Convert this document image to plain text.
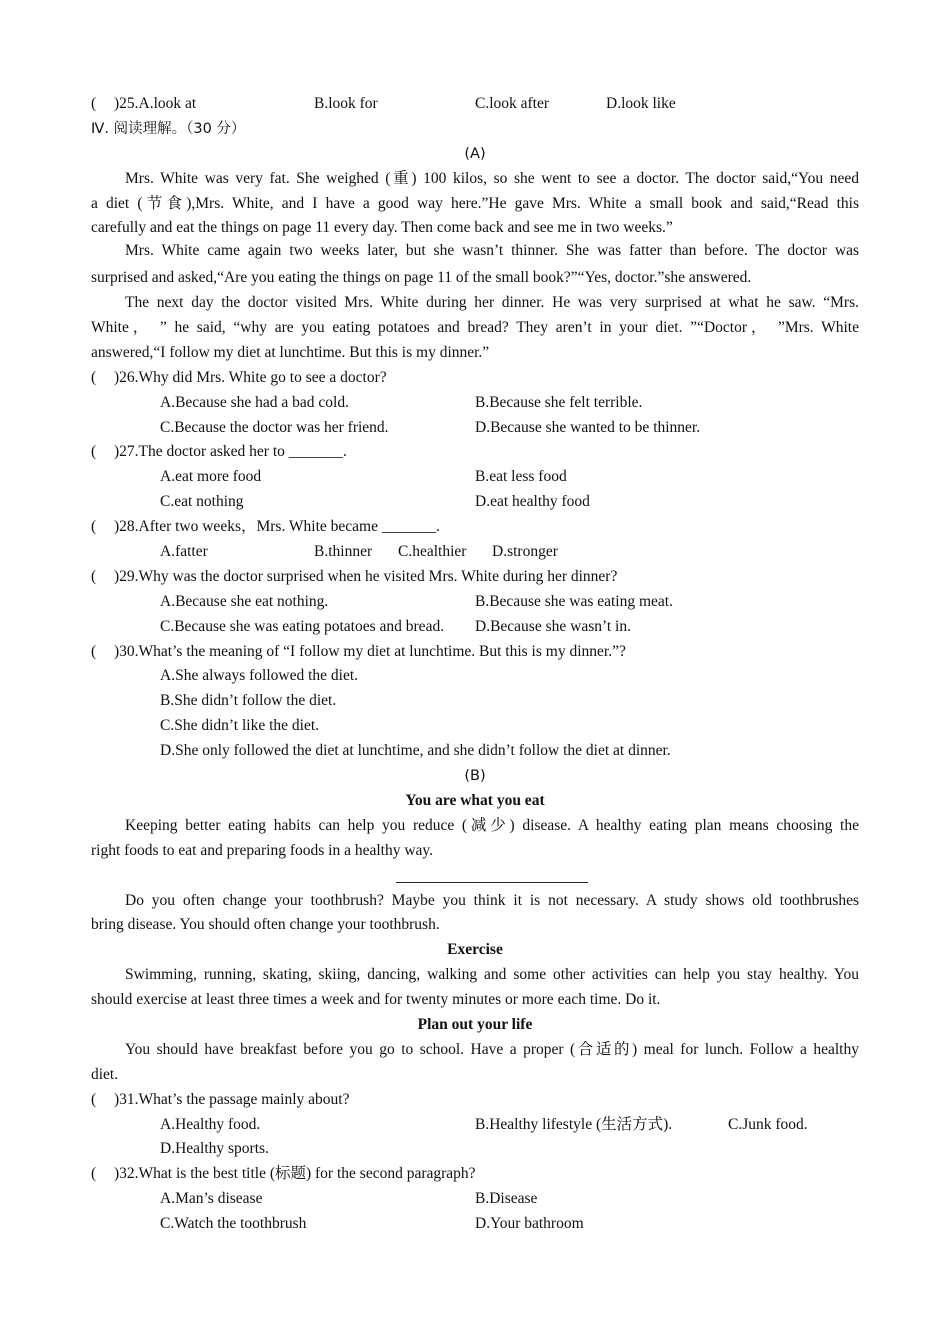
( )25.A.look at	B.look for	C.look after	D.look like
Ⅳ. 阅读理解。（30 分）
(A)
Mrs. White was very fat. She weighed (重) 100 kilos, so she went to see a doctor. The doctor said,“You need
a diet (节食),Mrs. White, and I have a good way here.”He gave Mrs. White a small book and said,“Read this
carefully and eat the things on page 11 every day. Then come back and see me in two weeks.”
Mrs. White came again two weeks later, but she wasn’t thinner. She was fatter than before. The doctor was
surprised and asked,“Are you eating the things on page 11 of the small book?”“Yes, doctor.”she answered.
The next day the doctor visited Mrs. White during her dinner. He was very surprised at what he saw. “Mrs.
White， ” he said, “why are you eating potatoes and bread? They aren’t in your diet. ”“Doctor， ”Mrs. White
answered,“I follow my diet at lunchtime. But this is my dinner.”
( )26.Why did Mrs. White go to see a doctor?
A.Because she had a bad cold.	B.Because she felt terrible.
C.Because the doctor was her friend.	D.Because she wanted to be thinner.
( )27.The doctor asked her to _______.
A.eat more food	B.eat less food
C.eat nothing	D.eat healthy food
( )28.After two weeks，Mrs. White became _______.
A.fatter	B.thinner C.healthier D.stronger
( )29.Why was the doctor surprised when he visited Mrs. White during her dinner?
A.Because she eat nothing.	B.Because she was eating meat.
C.Because she was eating potatoes and bread. D.Because she wasn’t in.
( )30.What’s the meaning of “I follow my diet at lunchtime. But this is my dinner.”?
A.She always followed the diet.
B.She didn’t follow the diet.
C.She didn’t like the diet.
D.She only followed the diet at lunchtime, and she didn’t follow the diet at dinner.
(B)
You are what you eat
Keeping better eating habits can help you reduce (减少) disease. A healthy eating plan means choosing the
right foods to eat and preparing foods in a healthy way.
Do you often change your toothbrush? Maybe you think it is not necessary. A study shows old toothbrushes
bring disease. You should often change your toothbrush.
Exercise
Swimming, running, skating, skiing, dancing, walking and some other activities can help you stay healthy. You
should exercise at least three times a week and for twenty minutes or more each time. Do it.
Plan out your life
You should have breakfast before you go to school. Have a proper (合适的) meal for lunch. Follow a healthy
diet.
( )31.What’s the passage mainly about?
A.Healthy food.	B.Healthy lifestyle (生活方式).	C.Junk food.
D.Healthy sports.
( )32.What is the best title (标题) for the second paragraph?
A.Man’s disease	B.Disease
C.Watch the toothbrush	D.Your bathroom
